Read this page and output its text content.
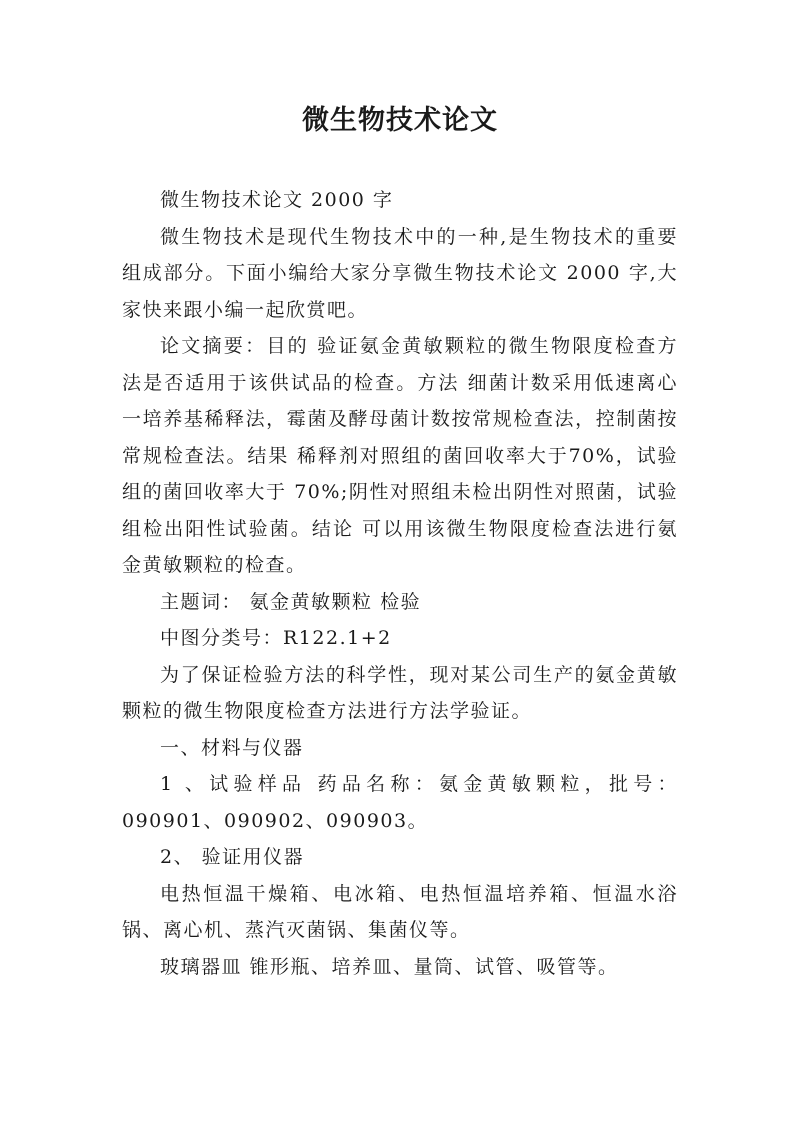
微生物技术论文

微生物技术论文 2000 字

微生物技术是现代生物技术中的一种,是生物技术的重要组成部分。下面小编给大家分享微生物技术论文 2000 字,大家快来跟小编一起欣赏吧。

论文摘要：目的 验证氨金黄敏颗粒的微生物限度检查方法是否适用于该供试品的检查。方法 细菌计数采用低速离心一培养基稀释法，霉菌及酵母菌计数按常规检查法，控制菌按常规检查法。结果 稀释剂对照组的菌回收率大于70%，试验组的菌回收率大于 70%;阴性对照组未检出阴性对照菌，试验组检出阳性试验菌。结论 可以用该微生物限度检查法进行氨金黄敏颗粒的检查。

主题词： 氨金黄敏颗粒 检验

中图分类号：R122.1+2

为了保证检验方法的科学性，现对某公司生产的氨金黄敏颗粒的微生物限度检查方法进行方法学验证。

一、材料与仪器

1 、试验样品 药品名称：氨金黄敏颗粒，批号：090901、090902、090903。

2、 验证用仪器

电热恒温干燥箱、电冰箱、电热恒温培养箱、恒温水浴锅、离心机、蒸汽灭菌锅、集菌仪等。

玻璃器皿 锥形瓶、培养皿、量筒、试管、吸管等。
